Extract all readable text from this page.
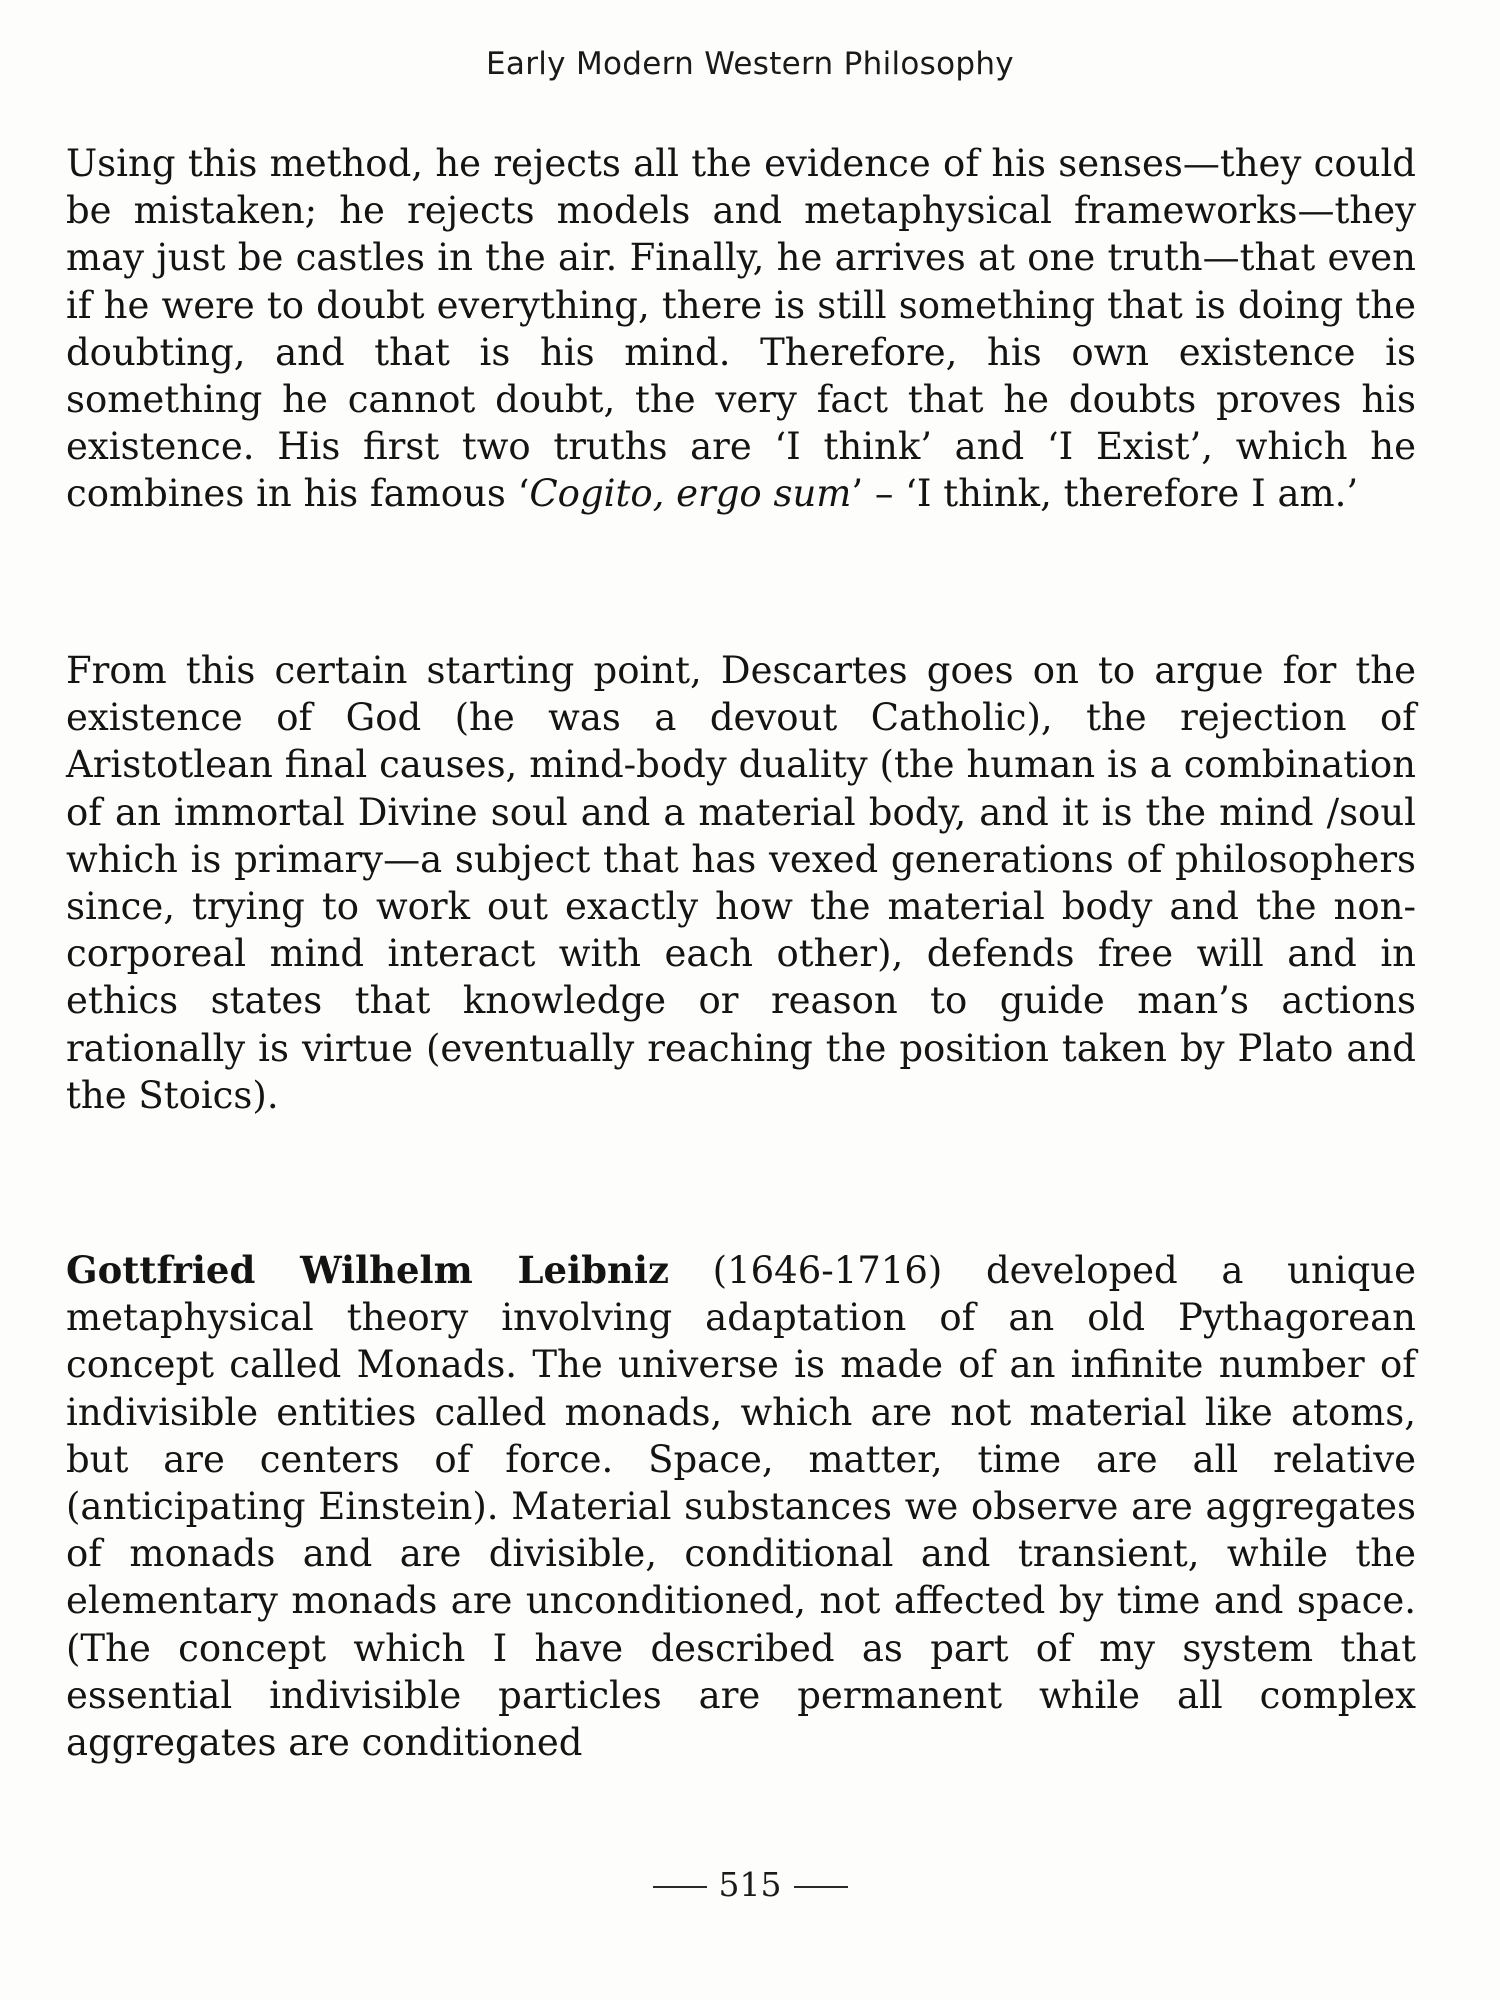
Early Modern Western Philosophy

Using this method, he rejects all the evidence of his senses—they could be mistaken; he rejects models and metaphysical frameworks—they may just be castles in the air. Finally, he arrives at one truth—that even if he were to doubt everything, there is still something that is doing the doubting, and that is his mind. Therefore, his own existence is something he cannot doubt, the very fact that he doubts proves his existence. His first two truths are ‘I think’ and ‘I Exist’, which he combines in his famous ‘Cogito, ergo sum’ – ‘I think, therefore I am.’

From this certain starting point, Descartes goes on to argue for the existence of God (he was a devout Catholic), the rejection of Aristotlean final causes, mind-body duality (the human is a combination of an immortal Divine soul and a material body, and it is the mind /soul which is primary—a subject that has vexed generations of philosophers since, trying to work out exactly how the material body and the non-corporeal mind interact with each other), defends free will and in ethics states that knowledge or reason to guide man’s actions rationally is virtue (eventually reaching the position taken by Plato and the Stoics).

Gottfried Wilhelm Leibniz (1646-1716) developed a unique metaphysical theory involving adaptation of an old Pythagorean concept called Monads. The universe is made of an infinite number of indivisible entities called monads, which are not material like atoms, but are centers of force. Space, matter, time are all relative (anticipating Einstein). Material substances we observe are aggregates of monads and are divisible, conditional and transient, while the elementary monads are unconditioned, not affected by time and space. (The concept which I have described as part of my system that essential indivisible particles are permanent while all complex aggregates are conditioned

515
